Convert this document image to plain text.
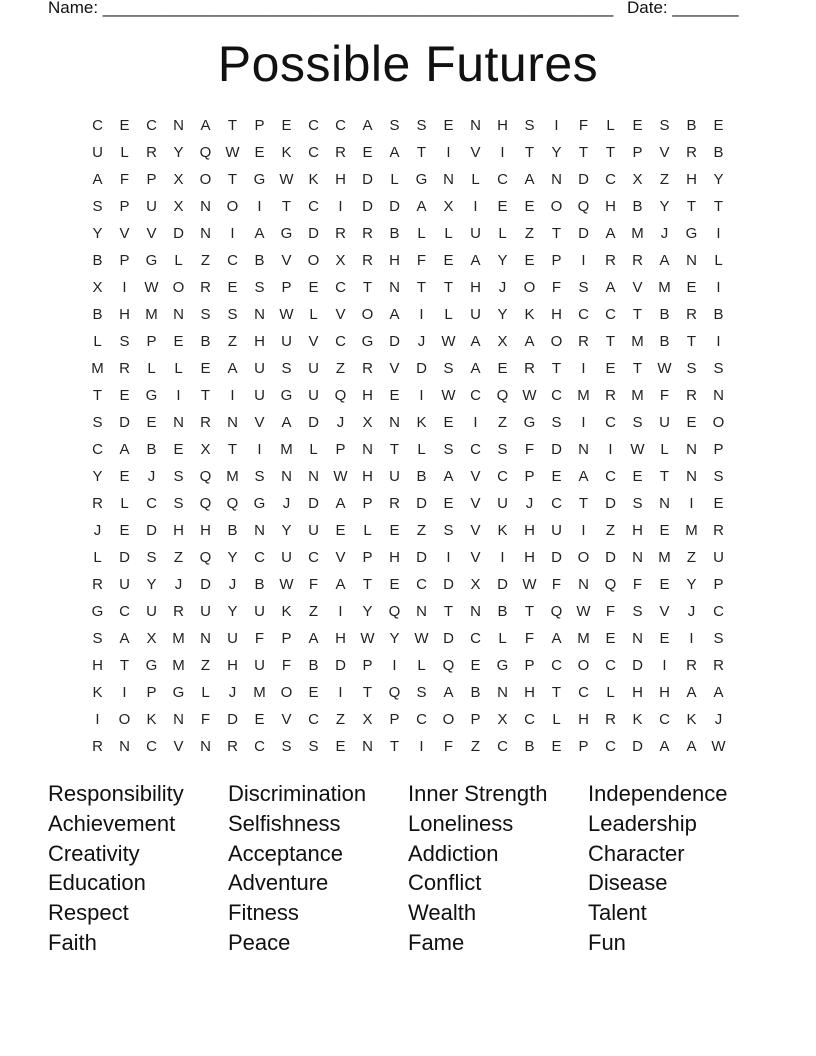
Name: ______________________________________________________ Date: _______
Possible Futures
C	E	C	N	A	T	P	E	C	C	A	S	S	E	N	H	S	I	F	L	E	S	B	E
U	L	R	Y	Q W E	K	C	R	E	A	T	I	V	I	T	Y	T	T	P	V	R	B
A	F	P	X	O	T	G W K	H	D	L	G	N	L	C	A	N	D	C	X	Z	H	Y
S	P	U	X	N	O	I	T	C	I	D	D	A	X	I	E	E	O	Q	H	B	Y	T	T
Y	V	V	D	N	I	A	G	D	R	R	B	L	L	U	L	Z	T	D	A	M	J	G	I
B	P	G	L	Z	C	B	V	O	X	R	H	F	E	A	Y	E	P	I	R	R	A	N	L
X	I	W O	R	E	S	P	E	C	T	N	T	T	H	J	O	F	S	A	V	M	E	I
B	H	M	N	S	S	N W	L	V	O	A	I	L	U	Y	K	H	C	C	T	B	R	B
L	S	P	E	B	Z	H	U	V	C	G	D	J	W A	X	A	O	R	T	M	B	T	I
M	R	L	L	E	A	U	S	U	Z	R	V	D	S	A	E	R	T	I	E	T	W S	S
T	E	G	I	T	I	U	G	U	Q	H	E	I	W C	Q W C	M	R	M	F	R	N
S	D	E	N	R	N	V	A	D	J	X	N	K	E	I	Z	G	S	I	C	S	U	E	O
C	A	B	E	X	T	I	M	L	P	N	T	L	S	C	S	F	D	N	I	W	L	N	P
Y	E	J	S	Q M	S	N	N W H	U	B	A	V	C	P	E	A	C	E	T	N	S
R	L	C	S	Q	Q	G	J	D	A	P	R	D	E	V	U	J	C	T	D	S	N	I	E
J	E	D	H	H	B	N	Y	U	E	L	E	Z	S	V	K	H	U	I	Z	H	E	M	R
L	D	S	Z	Q	Y	C	U	C	V	P	H	D	I	V	I	H	D	O	D	N	M	Z	U
R	U	Y	J	D	J	B W	F	A	T	E	C	D	X	D W	F	N	Q	F	E	Y	P
G	C	U	R	U	Y	U	K	Z	I	Y	Q	N	T	N	B	T	Q W	F	S	V	J	C
S	A	X	M	N	U	F	P	A	H W Y W D	C	L	F	A	M	E	N	E	I	S
H	T	G M	Z	H	U	F	B	D	P	I	L	Q	E	G	P	C	O	C	D	I	R	R
K	I	P	G	L	J	M O	E	I	T	Q	S	A	B	N	H	T	C	L	H	H	A	A
I	O	K	N	F	D	E	V	C	Z	X	P	C	O	P	X	C	L	H	R	K	C	K	J
R	N	C	V	N	R	C	S	S	E	N	T	I	F	Z	C	B	E	P	C	D	A	A W
Responsibility	Discrimination	Inner Strength	Independence
Achievement	Selfishness	Loneliness	Leadership
Creativity	Acceptance	Addiction	Character
Education	Adventure	Conflict	Disease
Respect	Fitness	Wealth	Talent
Faith	Peace	Fame	Fun
